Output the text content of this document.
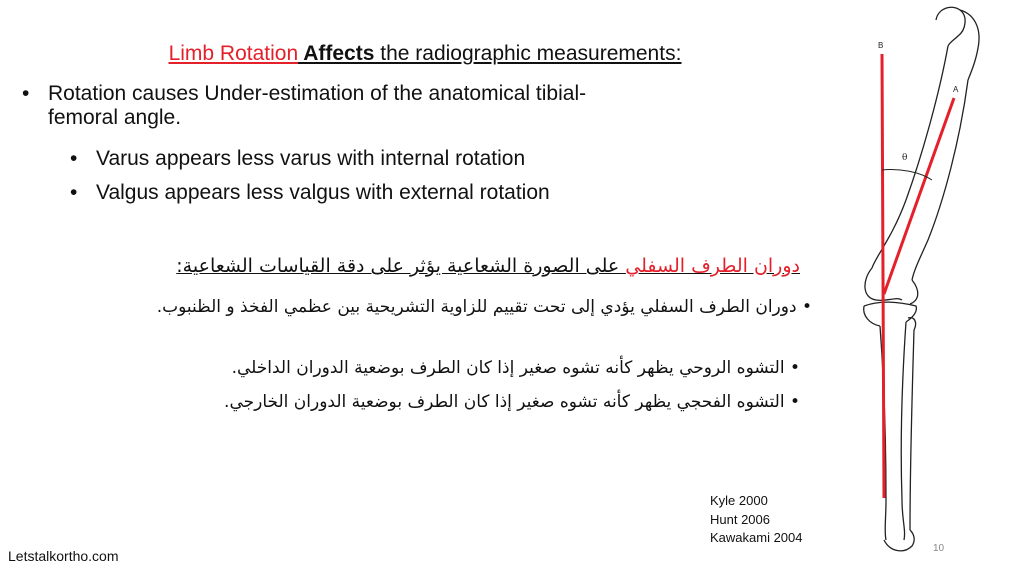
Limb Rotation Affects the radiographic measurements:
• Rotation causes Under-estimation of the anatomical tibial-
femoral angle.
• Varus appears less varus with internal rotation
• Valgus appears less valgus with external rotation
دوران الطرف السفلي على الصورة الشعاعية يؤثر على دقة القياسات الشعاعية:
• دوران الطرف السفلي يؤدي إلى تحت تقييم للزاوية التشريحية بين عظمي الفخذ و الظنبوب.
• التشوه الروحي يظهر كأنه تشوه صغير إذا كان الطرف بوضعية الدوران الداخلي.
• التشوه الفحجي يظهر كأنه تشوه صغير إذا كان الطرف بوضعية الدوران الخارجي.
Kyle 2000
Hunt 2006
Kawakami 2004
Letstalkortho.com	10
B
A
θ
